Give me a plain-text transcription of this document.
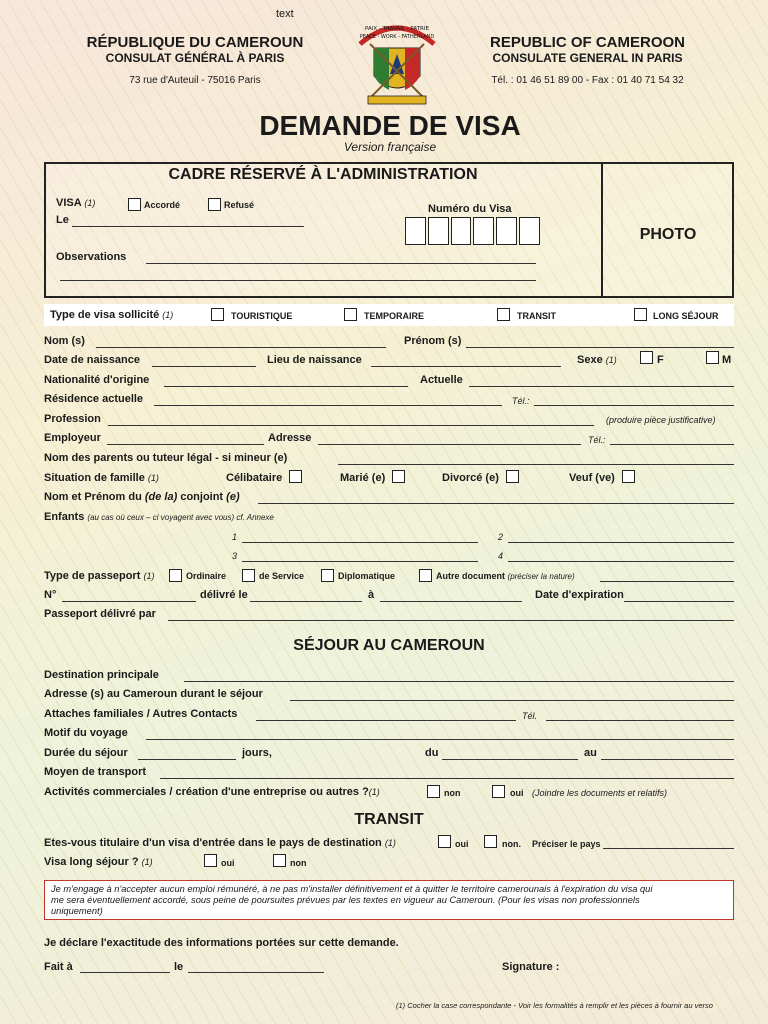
text
RÉPUBLIQUE DU CAMEROUN
CONSULAT GÉNÉRAL À PARIS
73 rue d'Auteuil - 75016 Paris
PAIX - TRAVAIL - PATRIE
PEACE - WORK - FATHERLAND	REPUBLIC OF CAMEROON
CONSULATE GENERAL IN PARIS
Tél. : 01 46 51 89 00 - Fax : 01 40 71 54 32
DEMANDE DE VISA
Version française
CADRE RÉSERVÉ À L'ADMINISTRATION
VISA (1)	Accordé	Refusé
Le
Numéro du Visa
Observations
PHOTO
Type de visa sollicité (1)	TOURISTIQUE	TEMPORAIRE	TRANSIT	LONG SÉJOUR
Nom (s)	Prénom (s)
Date de naissance	Lieu de naissance	Sexe (1)	F	M
Nationalité d'origine	Actuelle
Résidence actuelle	Tél.:
Profession	(produire pièce justificative)
Employeur	Adresse	Tél.:
Nom des parents ou tuteur légal - si mineur (e)
Situation de famille (1)	Célibataire	Marié (e)	Divorcé (e)	Veuf (ve)
Nom et Prénom du (de la) conjoint (e)
Enfants (au cas où ceux – ci voyagent avec vous) cf. Annexe
1	2
3	4
Type de passeport (1)	Ordinaire	de Service	Diplomatique	Autre document (préciser la nature)
N°	délivré le	à	Date d'expiration
Passeport délivré par
SÉJOUR AU CAMEROUN
Destination principale
Adresse (s) au Cameroun durant le séjour
Attaches familiales / Autres Contacts	Tél.
Motif du voyage
Durée du séjour	jours,	du	au
Moyen de transport
Activités commerciales / création d'une entreprise ou autres ?(1)	non	oui (Joindre les documents et relatifs)
TRANSIT
Etes-vous titulaire d'un visa d'entrée dans le pays de destination (1)	oui	non. Préciser le pays
Visa long séjour ? (1)	oui	non
Je m'engage à n'accepter aucun emploi rémunéré, à ne pas m'installer définitivement et à quitter le territoire camerounais à l'expiration du visa qui
me sera éventuellement accordé, sous peine de poursuites prévues par les textes en vigueur au Cameroun. (Pour les visas non professionnels
uniquement)
Je déclare l'exactitude des informations portées sur cette demande.
Fait à	le	Signature :
(1) Cocher la case correspondante - Voir les formalités à remplir et les pièces à fournir au verso
